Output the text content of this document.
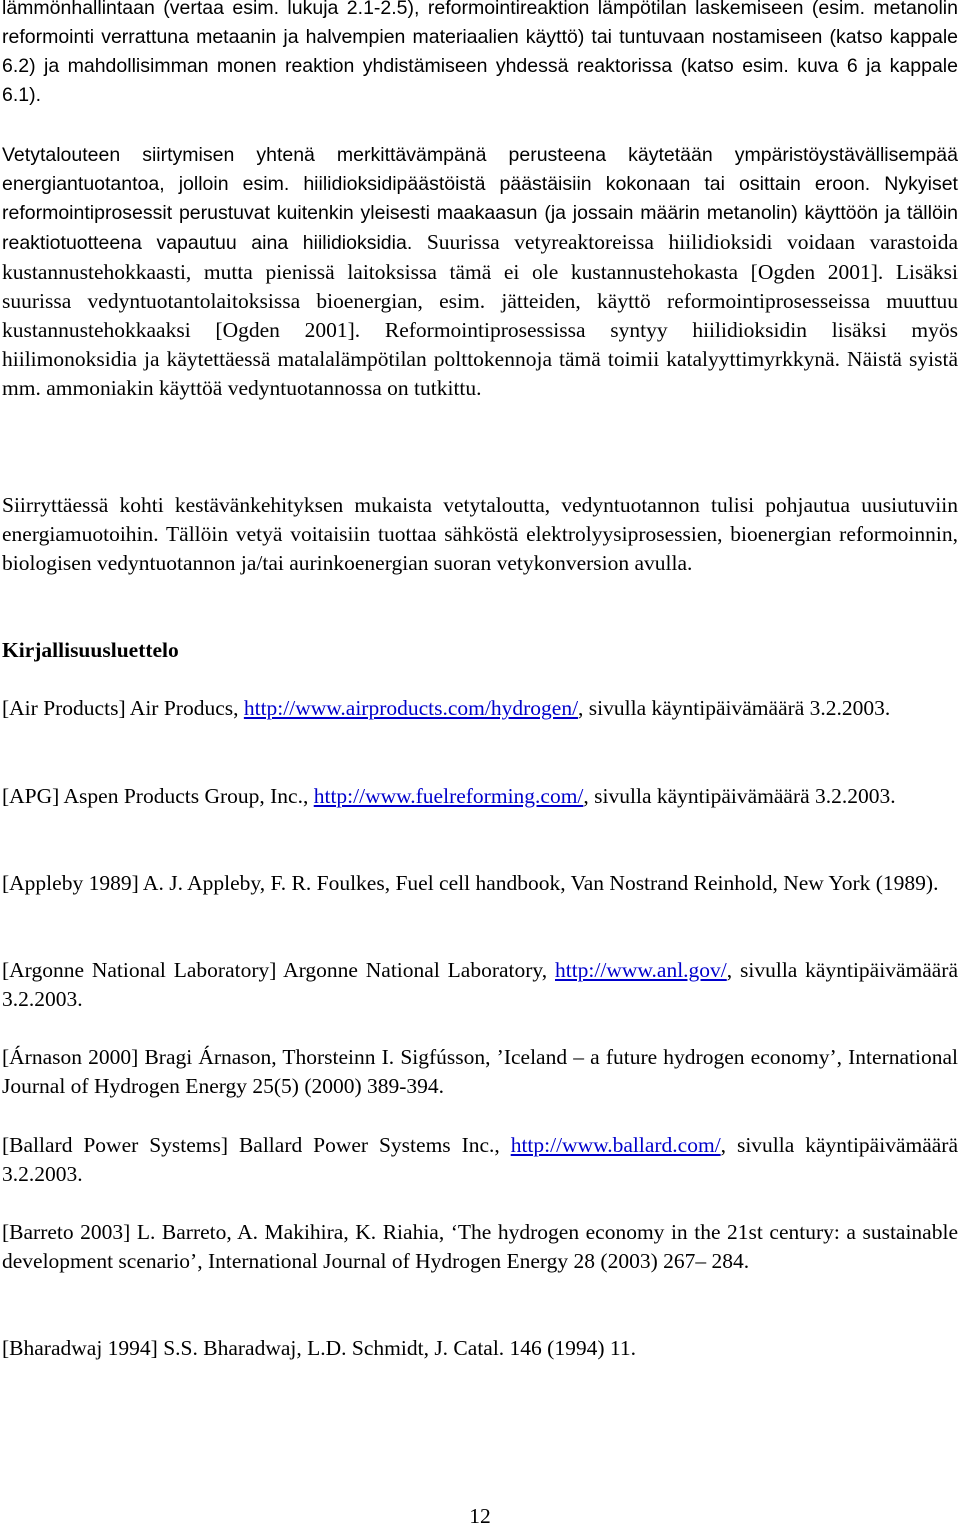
lämmönhallintaan (vertaa esim. lukuja 2.1-2.5), reformointireaktion lämpötilan laskemiseen (esim. metanolin reformointi verrattuna metaanin ja halvempien materiaalien käyttö) tai tuntuvaan nostamiseen (katso kappale 6.2) ja mahdollisimman monen reaktion yhdistämiseen yhdessä reaktorissa (katso esim. kuva 6 ja kappale 6.1).

Vetytalouteen siirtymisen yhtenä merkittävämpänä perusteena käytetään ympäristöystävällisempää energiantuotantoa, jolloin esim. hiilidioksidipäästöistä päästäisiin kokonaan tai osittain eroon. Nykyiset reformointiprosessit perustuvat kuitenkin yleisesti maakaasun (ja jossain määrin metanolin) käyttöön ja tällöin reaktiotuotteena vapautuu aina hiilidioksidia. Suurissa vetyreaktoreissa hiilidioksidi voidaan varastoida kustannustehokkaasti, mutta pienissä laitoksissa tämä ei ole kustannustehokasta [Ogden 2001]. Lisäksi suurissa vedyntuotantolaitoksissa bioenergian, esim. jätteiden, käyttö reformointiprosesseissa muuttuu kustannustehokkaaksi [Ogden 2001]. Reformointiprosessissa syntyy hiilidioksidin lisäksi myös hiilimonoksidia ja käytettäessä matalalämpötilan polttokennoja tämä toimii katalyyttimyrkkynä. Näistä syistä mm. ammoniakin käyttöä vedyntuotannossa on tutkittu.

Siirryttäessä kohti kestävänkehityksen mukaista vetytaloutta, vedyntuotannon tulisi pohjautua uusiutuviin energiamuotoihin. Tällöin vetyä voitaisiin tuottaa sähköstä elektrolyysiprosessien, bioenergian reformoinnin, biologisen vedyntuotannon ja/tai aurinkoenergian suoran vetykonversion avulla.

Kirjallisuusluettelo

[Air Products] Air Producs, http://www.airproducts.com/hydrogen/, sivulla käyntipäivämäärä 3.2.2003.

[APG] Aspen Products Group, Inc., http://www.fuelreforming.com/, sivulla käyntipäivämäärä 3.2.2003.

[Appleby 1989] A. J. Appleby, F. R. Foulkes, Fuel cell handbook, Van Nostrand Reinhold, New York (1989).

[Argonne National Laboratory] Argonne National Laboratory, http://www.anl.gov/, sivulla käyntipäivämäärä 3.2.2003.

[Árnason 2000] Bragi Árnason, Thorsteinn I. Sigfússon, ’Iceland – a future hydrogen economy’, International Journal of Hydrogen Energy 25(5) (2000) 389-394.

[Ballard Power Systems] Ballard Power Systems Inc., http://www.ballard.com/, sivulla käyntipäivämäärä 3.2.2003.

[Barreto 2003] L. Barreto, A. Makihira, K. Riahia, ‘The hydrogen economy in the 21st century: a sustainable development scenario’, International Journal of Hydrogen Energy 28 (2003) 267– 284.

[Bharadwaj 1994] S.S. Bharadwaj, L.D. Schmidt, J. Catal. 146 (1994) 11.

12
